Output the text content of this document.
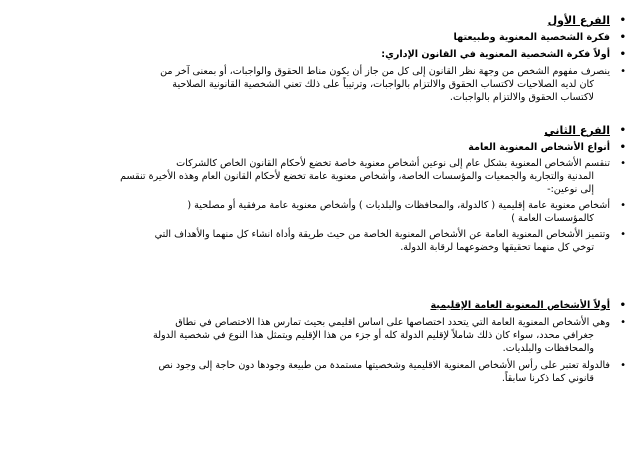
• الفرع الأول
• فكرة الشخصية المعنوية وطبيعتها
• أولاً فكرة الشخصية المعنوية في القانون الإداري:
• ينصرف مفهوم الشخص من وجهة نظر القانون إلى كل من جاز أن يكون مناط الحقوق والواجبات، أو بمعنى آخر من
كان لديه الصلاحيات لاكتساب الحقوق والالتزام بالواجبات، وترتيباً على ذلك تعني الشخصية القانونية الصلاحية
لاكتساب الحقوق والالتزام بالواجبات.
• الفرع الثاني
• أنواع الأشخاص المعنوية العامة
• تنقسم الأشخاص المعنوية بشكل عام إلى نوعين أشخاص معنوية خاصة تخضع لأحكام القانون الخاص كالشركات
المدنية والتجارية والجمعيات والمؤسسات الخاصة، وأشخاص معنوية عامة تخضع لأحكام القانون العام وهذه الأخيرة تنقسم
إلى نوعين:-
• أشخاص معنوية عامة إقليمية ( كالدولة، والمحافظات والبلديات ) وأشخاص معنوية عامة مرفقية أو مصلحية (
كالمؤسسات العامة )
• وتتميز الأشخاص المعنوية العامة عن الأشخاص المعنوية الخاصة من حيث طريقة وأداة انشاء كل منهما والأهداف التي
توخي كل منهما تحقيقها وخضوعهما لرقابة الدولة.
• أولاً الأشخاص المعنوية العامة الإقليمية
• وهي الأشخاص المعنوية العامة التي يتحدد اختصاصها على اساس اقليمي بحيث تمارس هذا الاختصاص في نطاق
جغرافي محدد، سواء كان ذلك شاملاً لإقليم الدولة كله أو جزء من هذا الإقليم ويتمثل هذا النوع في شخصية الدولة
والمحافظات والبلديات.
• فالدولة تعتبر على رأس الأشخاص المعنوية الاقليمية وشخصيتها مستمدة من طبيعة وجودها دون حاجة إلى وجود نص
قانوني كما ذكرنا سابقاً.
